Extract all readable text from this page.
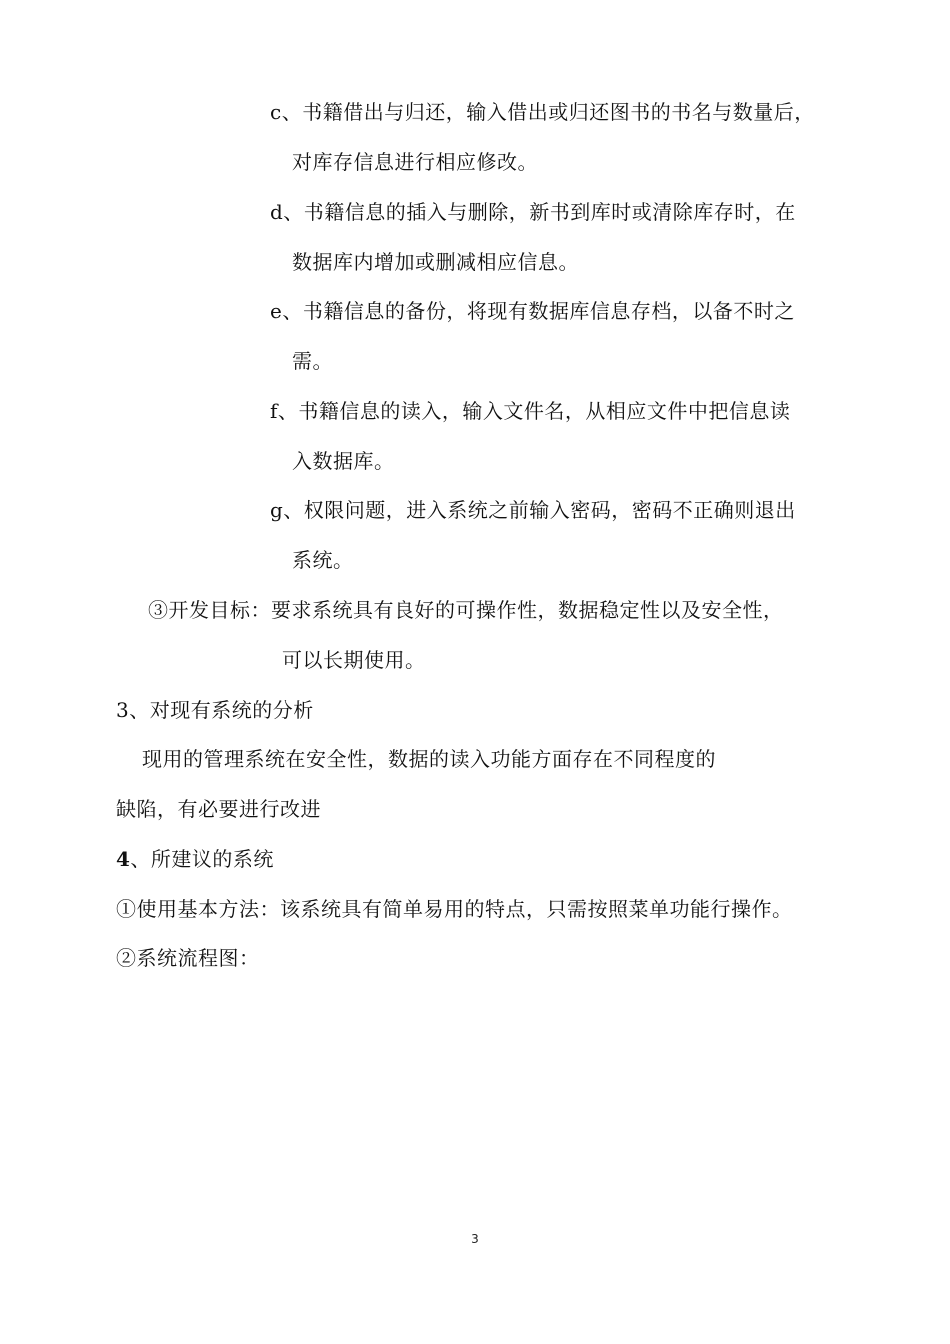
c、书籍借出与归还，输入借出或归还图书的书名与数量后，
对库存信息进行相应修改。
d、书籍信息的插入与删除，新书到库时或清除库存时，在
数据库内增加或删减相应信息。
e、书籍信息的备份，将现有数据库信息存档，以备不时之
需。
f、书籍信息的读入，输入文件名，从相应文件中把信息读
入数据库。
g、权限问题，进入系统之前输入密码，密码不正确则退出
系统。
③开发目标：要求系统具有良好的可操作性，数据稳定性以及安全性，
可以长期使用。
3、对现有系统的分析
现用的管理系统在安全性，数据的读入功能方面存在不同程度的
缺陷，有必要进行改进
4、所建议的系统
①使用基本方法：该系统具有简单易用的特点，只需按照菜单功能行操作。
②系统流程图：
3
